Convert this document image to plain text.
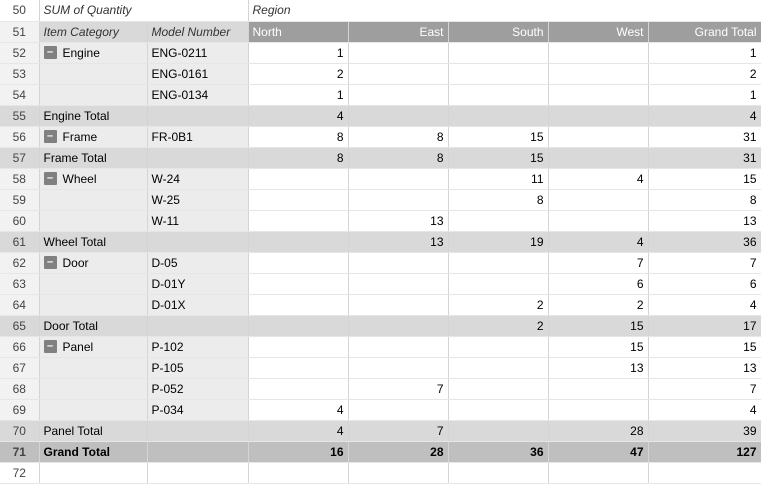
50	SUM of Quantity		Region				
51	Item Category	Model Number	North	East	South	West	Grand Total
52	– Engine	ENG-0211	1				1
53		ENG-0161	2				2
54		ENG-0134	1				1
55	Engine Total		4				4
56	– Frame	FR-0B1	8	8	15		31
57	Frame Total		8	8	15		31
58	– Wheel	W-24			11	4	15
59		W-25			8		8
60		W-11		13			13
61	Wheel Total			13	19	4	36
62	– Door	D-05				7	7
63		D-01Y				6	6
64		D-01X			2	2	4
65	Door Total				2	15	17
66	– Panel	P-102				15	15
67		P-105				13	13
68		P-052		7			7
69		P-034	4				4
70	Panel Total		4	7		28	39
71	Grand Total		16	28	36	47	127
72							
